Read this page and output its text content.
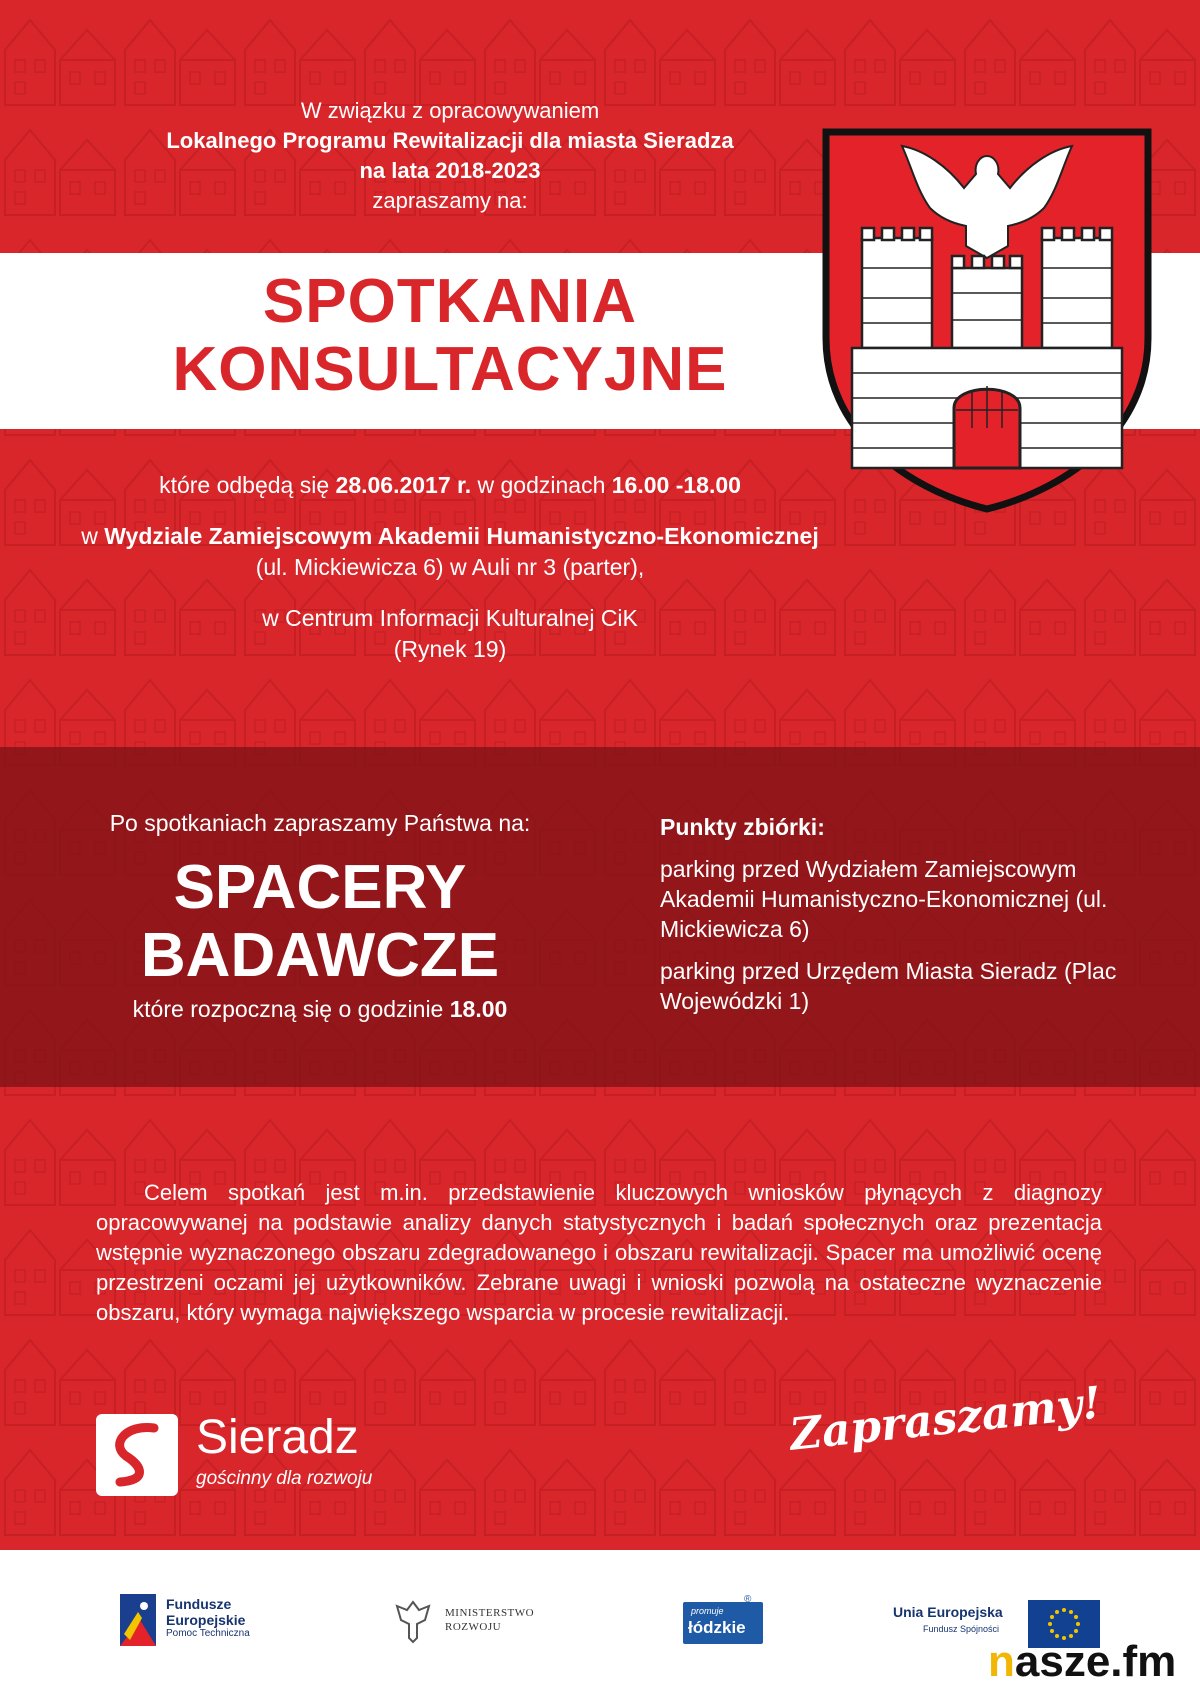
W związku z opracowywaniem
Lokalnego Programu Rewitalizacji dla miasta Sieradza
na lata 2018-2023
zapraszamy na:
SPOTKANIA
KONSULTACYJNE

które odbędą się 28.06.2017 r. w godzinach 16.00 -18.00

w Wydziale Zamiejscowym Akademii Humanistyczno-Ekonomicznej
(ul. Mickiewicza 6) w Auli nr 3 (parter),

w Centrum Informacji Kulturalnej CiK
(Rynek 19)

Po spotkaniach zapraszamy Państwa na:
SPACERY
BADAWCZE
które rozpoczną się o godzinie 18.00
Punkty zbiórki:

parking przed Wydziałem Zamiejscowym Akademii Humanistyczno-Ekonomicznej (ul. Mickiewicza 6)

parking przed Urzędem Miasta Sieradz (Plac Wojewódzki 1)

Celem spotkań jest m.in. przedstawienie kluczowych wniosków płynących z diagnozy opracowywanej na podstawie analizy danych statystycznych i badań społecznych oraz prezentacja wstępnie wyznaczonego obszaru zdegradowanego i obszaru rewitalizacji. Spacer ma umożliwić ocenę przestrzeni oczami jej użytkowników. Zebrane uwagi i wnioski pozwolą na ostateczne wyznaczenie obszaru, który wymaga największego wsparcia w procesie rewitalizacji.
Sieradz
gościnny dla rozwoju
Zapraszamy!
Fundusze
Europejskie
Pomoc Techniczna
MINISTERSTWO
ROZWOJU
promuje
łódzkie
®
Unia Europejska
Fundusz Spójności
nasze.fm
